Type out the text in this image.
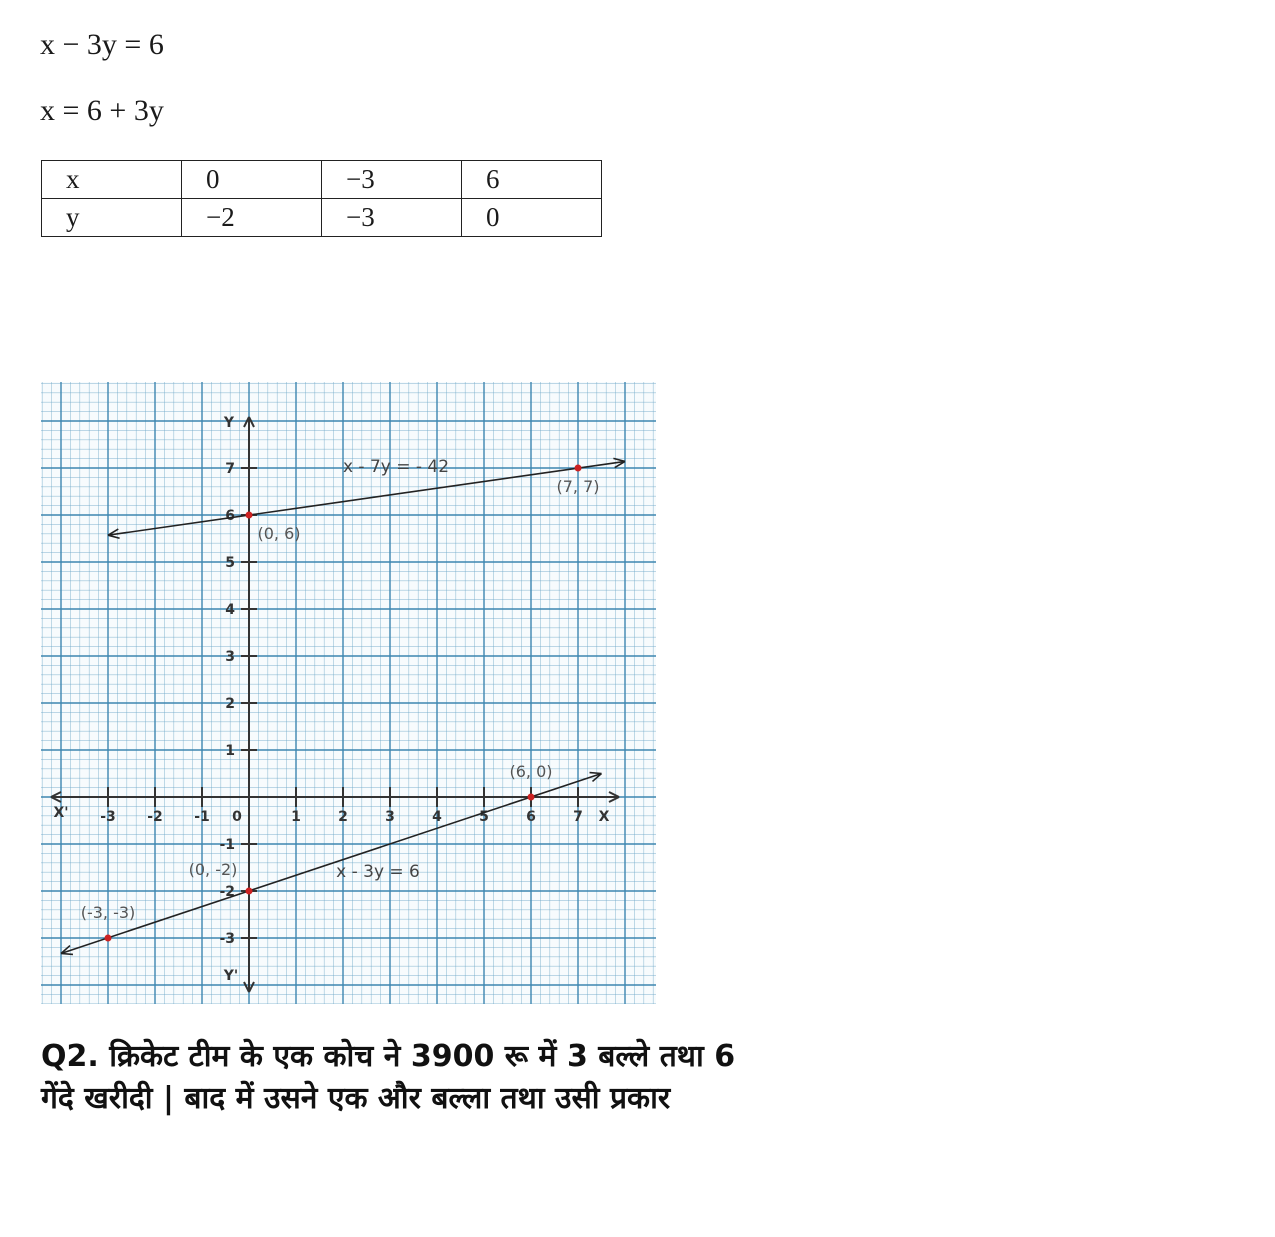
x − 3y = 6
x = 6 + 3y
x	0	−3	6
y	−2	−3	0
X
X'
Y
Y'
-3 -2 -1 0	1	2	3	4	5	6	7
7
6
5
4
3
2
1
-1
-2
-3
x - 7y = - 42
x - 3y = 6
(0, 6)
(7, 7)
(6, 0)
(0, -2)
(-3, -3)
Q2. क्रिकेट टीम के एक कोच ने 3900 रू में 3 बल्ले तथा 6
गेंदे खरीदी | बाद में उसने एक और बल्ला तथा उसी प्रकार
